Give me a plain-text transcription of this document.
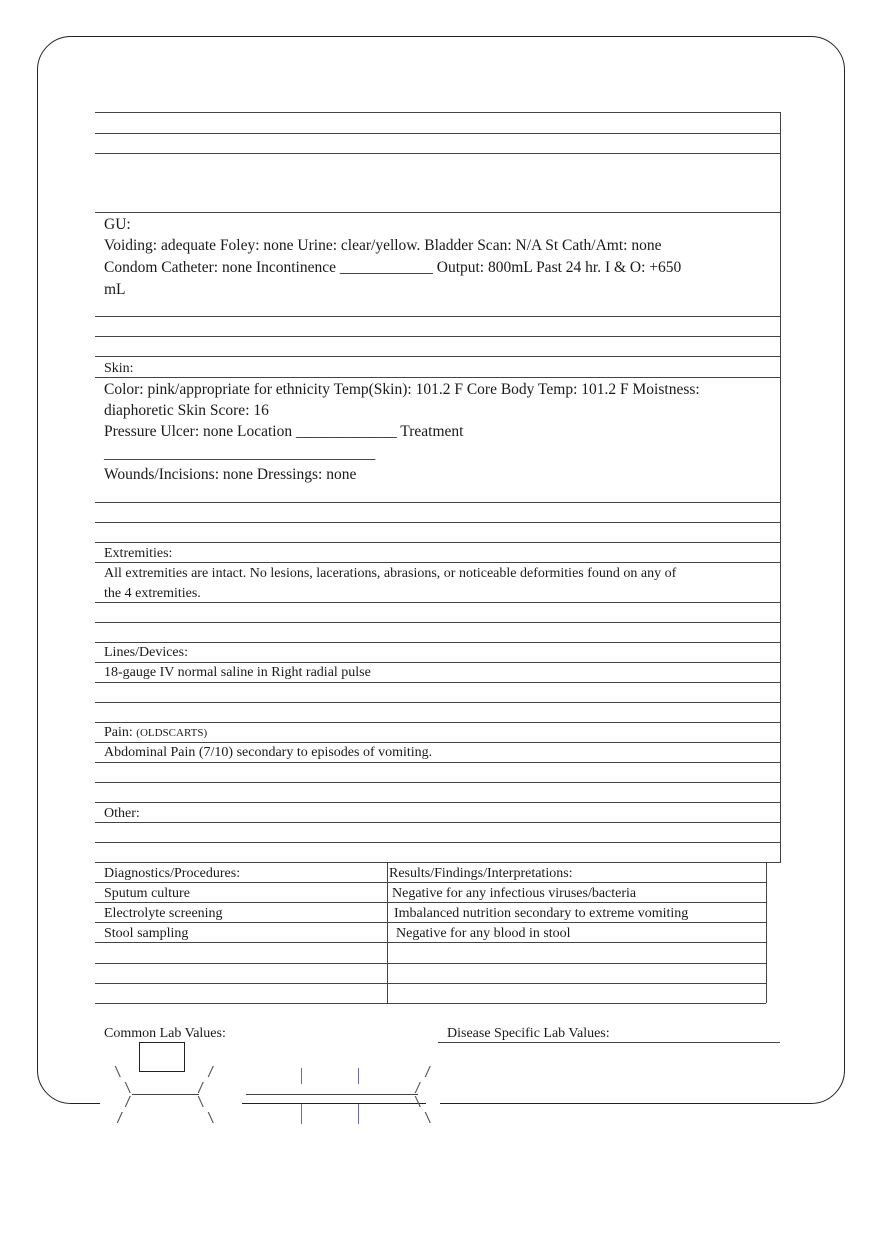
GU:
Voiding: adequate Foley: none Urine: clear/yellow. Bladder Scan: N/A St Cath/Amt: none
Condom Catheter: none Incontinence ____________ Output: 800mL Past 24 hr. I & O: +650
mL
Skin:
Color: pink/appropriate for ethnicity Temp(Skin): 101.2 F Core Body Temp: 101.2 F Moistness:
diaphoretic Skin Score: 16
Pressure Ulcer: none Location _____________ Treatment
___________________________________
Wounds/Incisions: none Dressings: none
Extremities:
All extremities are intact. No lesions, lacerations, abrasions, or noticeable deformities found on any of
the 4 extremities.
Lines/Devices:
18-gauge IV normal saline in Right radial pulse
Pain: (OLDSCARTS)
Abdominal Pain (7/10) secondary to episodes of vomiting.
Other:
Diagnostics/Procedures:	Results/Findings/Interpretations:
Sputum culture	Negative for any infectious viruses/bacteria
Electrolyte screening	Imbalanced nutrition secondary to extreme vomiting
Stool sampling	Negative for any blood in stool
Common Lab Values:	Disease Specific Lab Values:
\
\
/
/
/
/
\
\
/
/
\
\
